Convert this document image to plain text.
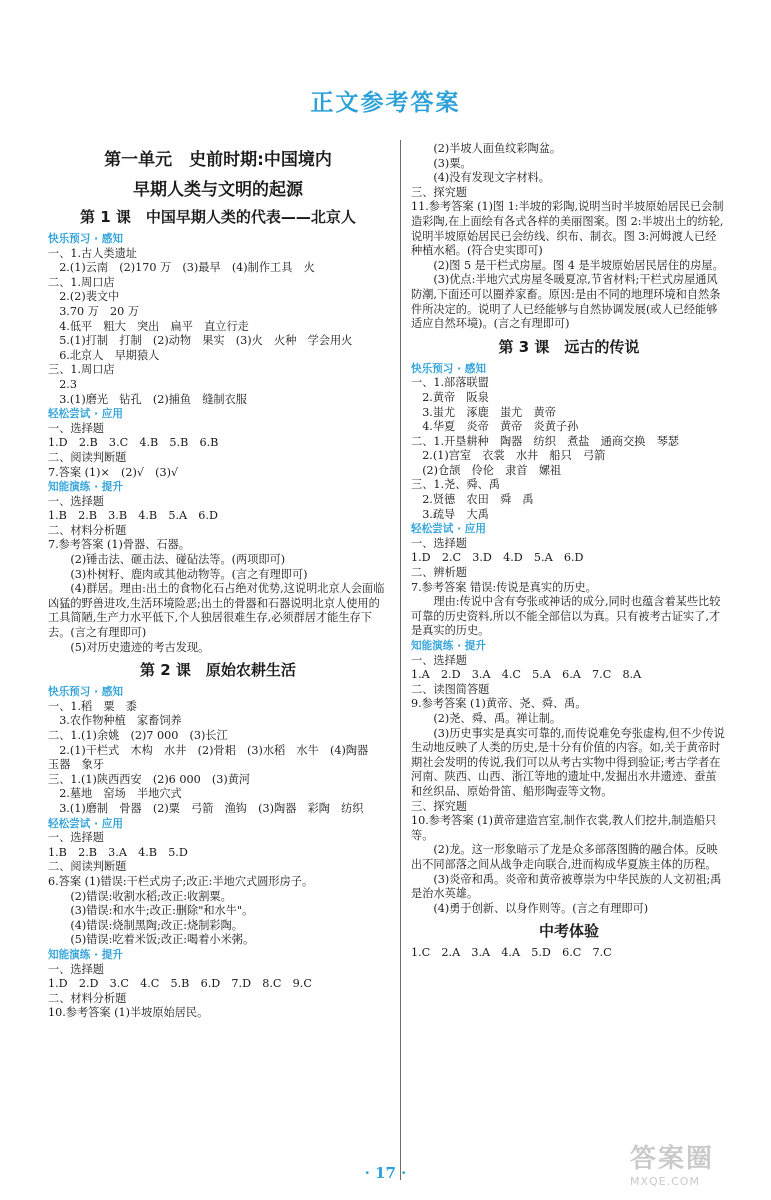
正文参考答案
第一单元　史前时期:中国境内
早期人类与文明的起源
第 1 课　中国早期人类的代表——北京人
快乐预习 · 感知
一、1.古人类遗址
　2.(1)云南　(2)170 万　(3)最早　(4)制作工具　火
二、1.周口店
　2.(2)裴文中
　3.70 万　20 万
　4.低平　粗大　突出　扁平　直立行走
　5.(1)打制　打制　(2)动物　果实　(3)火　火种　学会用火
　6.北京人　早期猿人
三、1.周口店
　2.3
　3.(1)磨光　钻孔　(2)捕鱼　缝制衣服
轻松尝试 · 应用
一、选择题
1.D　2.B　3.C　4.B　5.B　6.B
二、阅读判断题
7.答案 (1)×　(2)√　(3)√
知能演练 · 提升
一、选择题
1.B　2.B　3.B　4.B　5.A　6.D
二、材料分析题
7.参考答案 (1)骨器、石器。
　　(2)锤击法、砸击法、碰砧法等。(两项即可)
　　(3)朴树籽、鹿肉或其他动物等。(言之有理即可)
　　(4)群居。理由:出土的食物化石占绝对优势,这说明北京人会面临凶猛的野兽进攻,生活环境险恶;出土的骨器和石器说明北京人使用的工具简陋,生产力水平低下,个人独居很难生存,必须群居才能生存下去。(言之有理即可)
　　(5)对历史遗迹的考古发现。
第 2 课　原始农耕生活
快乐预习 · 感知
一、1.稻　粟　黍
　3.农作物种植　家畜饲养
二、1.(1)余姚　(2)7 000　(3)长江
　2.(1)干栏式　木构　水井　(2)骨耜　(3)水稻　水牛　(4)陶器　玉器　象牙
三、1.(1)陕西西安　(2)6 000　(3)黄河
　2.墓地　窑场　半地穴式
　3.(1)磨制　骨器　(2)粟　弓箭　渔钩　(3)陶器　彩陶　纺织
轻松尝试 · 应用
一、选择题
1.B　2.B　3.A　4.B　5.D
二、阅读判断题
6.答案 (1)错误:干栏式房子;改正:半地穴式圆形房子。
　　(2)错误:收割水稻;改正:收割粟。
　　(3)错误:和水牛;改正:删除"和水牛"。
　　(4)错误:烧制黑陶;改正:烧制彩陶。
　　(5)错误:吃着米饭;改正:喝着小米粥。
知能演练 · 提升
一、选择题
1.D　2.D　3.C　4.C　5.B　6.D　7.D　8.C　9.C
二、材料分析题
10.参考答案 (1)半坡原始居民。
　　(2)半坡人面鱼纹彩陶盆。
　　(3)粟。
　　(4)没有发现文字材料。
三、探究题
11.参考答案 (1)图 1:半坡的彩陶,说明当时半坡原始居民已会制造彩陶,在上面绘有各式各样的美丽图案。图 2:半坡出土的纺轮,说明半坡原始居民已会纺线、织布、制衣。图 3:河姆渡人已经种植水稻。(符合史实即可)
　　(2)图 5 是干栏式房屋。图 4 是半坡原始居民居住的房屋。
　　(3)优点:半地穴式房屋冬暖夏凉,节省材料;干栏式房屋通风防潮,下面还可以圈养家畜。原因:是由不同的地理环境和自然条件所决定的。说明了人已经能够与自然协调发展(或人已经能够适应自然环境)。(言之有理即可)
第 3 课　远古的传说
快乐预习 · 感知
一、1.部落联盟
　2.黄帝　阪泉
　3.蚩尤　涿鹿　蚩尤　黄帝
　4.华夏　炎帝　黄帝　炎黄子孙
二、1.开垦耕种　陶器　纺织　煮盐　通商交换　琴瑟
　2.(1)宫室　衣裳　水井　船只　弓箭
　(2)仓颉　伶伦　隶首　嫘祖
三、1.尧、舜、禹
　2.贤德　农田　舜　禹
　3.疏导　大禹
轻松尝试 · 应用
一、选择题
1.D　2.C　3.D　4.D　5.A　6.D
二、辨析题
7.参考答案 错误:传说是真实的历史。
　　理由:传说中含有夸张或神话的成分,同时也蕴含着某些比较可靠的历史资料,所以不能全部信以为真。只有被考古证实了,才是真实的历史。
知能演练 · 提升
一、选择题
1.A　2.D　3.A　4.C　5.A　6.A　7.C　8.A
二、读图简答题
9.参考答案 (1)黄帝、尧、舜、禹。
　　(2)尧、舜、禹。禅让制。
　　(3)历史事实是真实可靠的,而传说难免夸张虚构,但不少传说生动地反映了人类的历史,是十分有价值的内容。如,关于黄帝时期社会发明的传说,我们可以从考古实物中得到验证;考古学者在河南、陕西、山西、浙江等地的遗址中,发掘出水井遗迹、蚕茧和丝织品、原始骨笛、船形陶壶等文物。
三、探究题
10.参考答案 (1)黄帝建造宫室,制作衣裳,教人们挖井,制造船只等。
　　(2)龙。这一形象暗示了龙是众多部落图腾的融合体。反映出不同部落之间从战争走向联合,进而构成华夏族主体的历程。
　　(3)炎帝和禹。炎帝和黄帝被尊崇为中华民族的人文初祖;禹是治水英雄。
　　(4)勇于创新、以身作则等。(言之有理即可)
中考体验
1.C　2.A　3.A　4.A　5.D　6.C　7.C
· 17 ·	答案圈
MXQE.COM
